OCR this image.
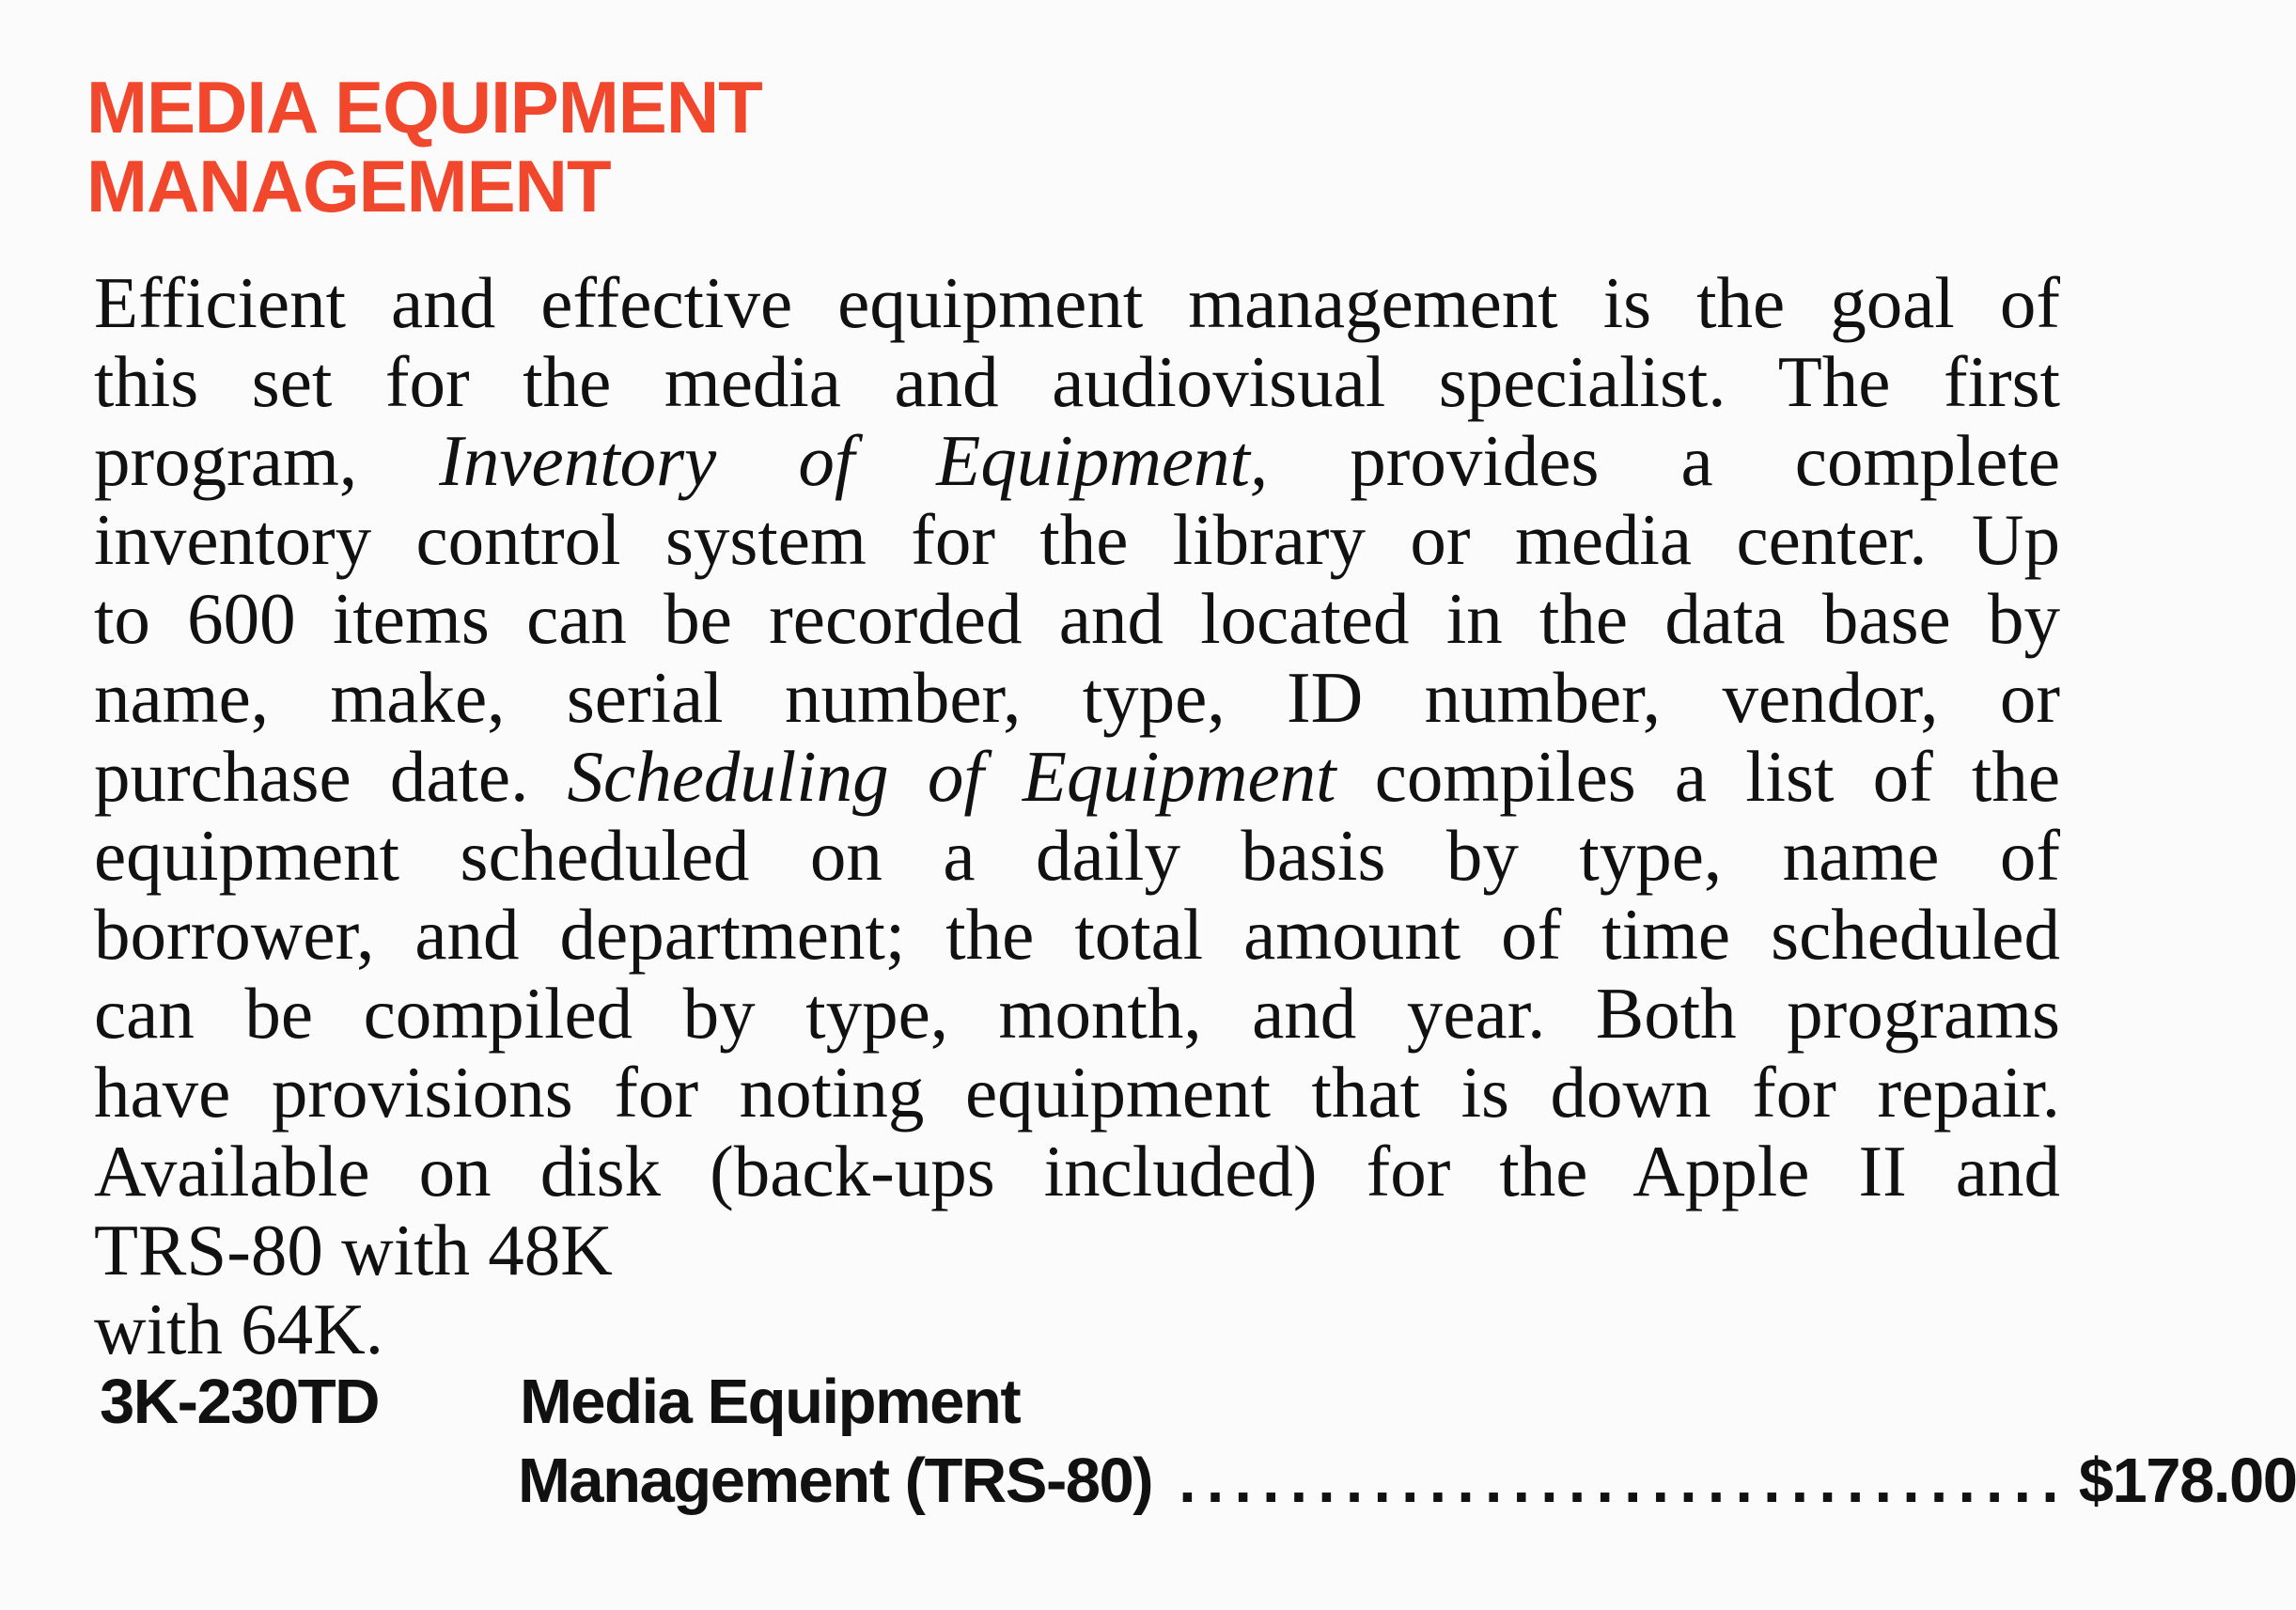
MEDIA EQUIPMENT
MANAGEMENT
Efficient and effective equipment management is the goal of
this set for the media and audiovisual specialist. The first
program, Inventory of Equipment, provides a complete
inventory control system for the library or media center. Up
to 600 items can be recorded and located in the data base by
name, make, serial number, type, ID number, vendor, or
purchase date. Scheduling of Equipment compiles a list of the
equipment scheduled on a daily basis by type, name of
borrower, and department; the total amount of time scheduled
can be compiled by type, month, and year. Both programs
have provisions for noting equipment that is down for repair.
Available on disk (back-ups included) for the Apple II and
TRS-80 with 48K
with 64K.
3K-230TD Media Equipment
Management (TRS-80) ................................ $178.00
